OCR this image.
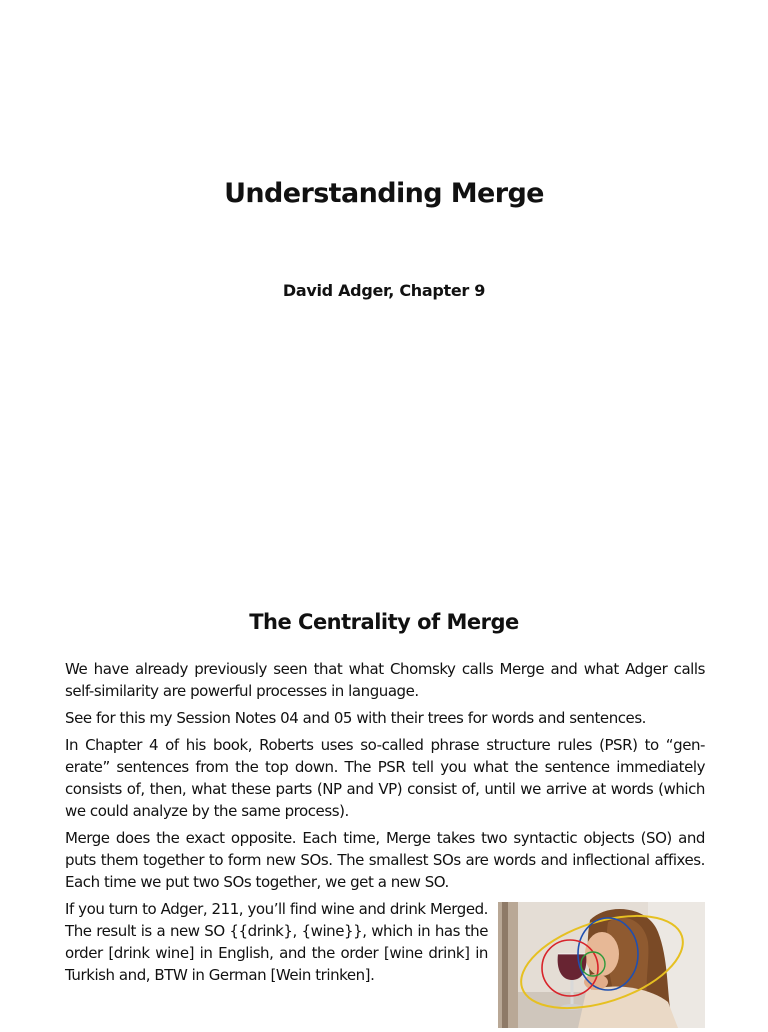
Understanding Merge
David Adger, Chapter 9
The Centrality of Merge

We have already previously seen that what Chomsky calls Merge and what Adger calls self-similarity are powerful processes in language.

See for this my Session Notes 04 and 05 with their trees for words and sentences.

In Chapter 4 of his book, Roberts uses so-called phrase structure rules (PSR) to “gen-erate” sentences from the top down. The PSR tell you what the sentence immediately consists of, then, what these parts (NP and VP) consist of, until we arrive at words (which we could analyze by the same process).

Merge does the exact opposite. Each time, Merge takes two syntactic objects (SO) and puts them together to form new SOs. The smallest SOs are words and inflectional affixes. Each time we put two SOs together, we get a new SO.

If you turn to Adger, 211, you’ll find wine and drink Merged. The result is a new SO {{drink}, {wine}}, which in has the order [drink wine] in English, and the order [wine drink] in Turkish and, BTW in German [Wein trinken].
